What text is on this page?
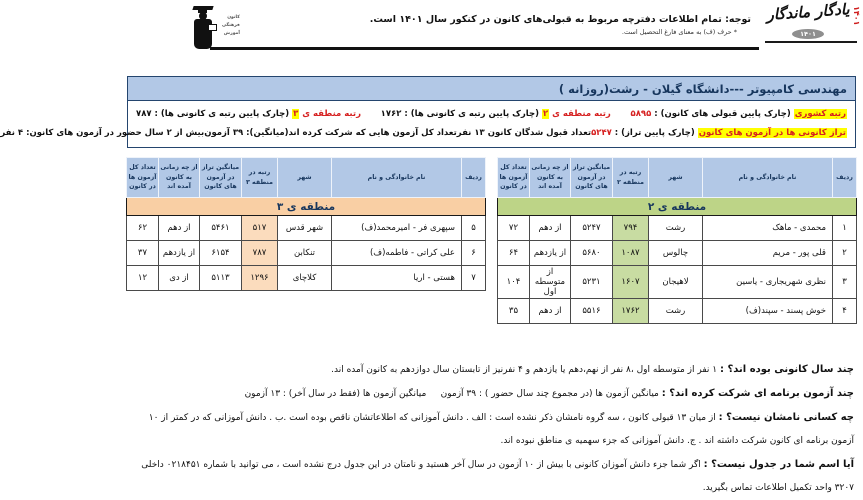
۱۴۰۱
یادگار ماندگار
۱۴۰۱
توجه: تمام اطلاعات دفترچه مربوط به قبولی‌های کانون در کنکور سال ۱۴۰۱ است.
* حرف (ف) به معنای فارغ التحصیل است.
کانون
فرهنگی
آموزش
مهندسی کامپیوتر ---دانشگاه گیلان - رشت(روزانه )
رتبه کشوری (چارک پایین قبولی های کانون) : ۵۸۹۵
رتبه منطقه ی ۲ (چارک پایین رتبه ی کانونی ها) : ۱۷۶۲
رتبه منطقه ی ۳ (چارک پایین رتبه ی کانونی ها) : ۷۸۷
تراز کانونی ها در آزمون های کانون (چارک پایین تراز) : ۵۲۴۷
تعداد قبول شدگان کانون ۱۳ نفر
تعداد کل آزمون هایی که شرکت کرده اند(میانگین): ۳۹ آزمون
بیش از ۲ سال حضور در آزمون های کانون: ۴ نفر
ردیف	نام خانوادگی و نام	شهر	رتبه در منطقه ۲	میانگین تراز در آزمون های کانون	از چه زمانی به کانون آمده اند	تعداد کل آزمون ها در کانون
منطقه ی ۲						
۱	محمدی - ماهک	رشت	۷۹۴	۵۲۴۷	از دهم	۷۲
۲	قلی پور - مریم	چالوس	۱۰۸۷	۵۶۸۰	از یازدهم	۶۴
۳	نظری شهریجاری - یاسین	لاهیجان	۱۶۰۷	۵۲۳۱	از متوسطه اول	۱۰۴
۴	خوش پسند - سپند(ف)	رشت	۱۷۶۲	۵۵۱۶	از دهم	۳۵
ردیف	نام خانوادگی و نام	شهر	رتبه در منطقه ۳	میانگین تراز در آزمون های کانون	از چه زمانی به کانون آمده اند	تعداد کل آزمون ها در کانون
منطقه ی ۳						
۵	سپهری فر - امیرمحمد(ف)	شهر قدس	۵۱۷	۵۴۶۱	از دهم	۶۲
۶	علی کراتی - فاطمه(ف)	تنکابن	۷۸۷	۶۱۵۴	از یازدهم	۳۷
۷	هستی - اریا	کلاچای	۱۲۹۶	۵۱۱۳	از دی	۱۲
چند سال کانونی بوده اند؟ : ۱ نفر از متوسطه اول ،۸ نفر از نهم،دهم یا یازدهم و ۴ نفرنیز از تابستان سال دوازدهم به کانون آمده اند.
چند آزمون برنامه ای شرکت کرده اند؟ : میانگین آزمون ها (در مجموع چند سال حضور ) : ۳۹ آزمون     میانگین آزمون ها (فقط در سال آخر) : ۱۳ آزمون
چه کسانی نامشان نیست؟ : از میان ۱۳ قبولی کانون ، سه گروه نامشان ذکر نشده است : الف . دانش آموزانی که اطلاعاتشان ناقص بوده است .ب . دانش آموزانی که در کمتر از ۱۰ آزمون برنامه ای کانون شرکت داشته اند . ج. دانش آموزانی که جزء سهمیه ی مناطق نبوده اند.
آیا اسم شما در جدول نیست؟ : اگر شما جزء دانش آموزان کانونی با بیش از ۱۰ آزمون در سال آخر هستید و نامتان در این جدول درج نشده است ، می توانید با شماره ۰۲۱۸۴۵۱ داخلی ۳۲۰۷ واحد تکمیل اطلاعات تماس بگیرید.
